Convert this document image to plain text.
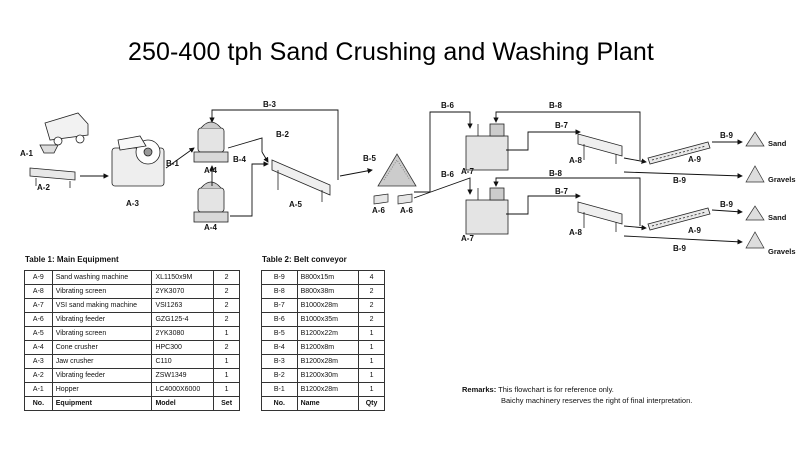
250-400 tph Sand Crushing and Washing Plant
A-1
A-2
A-3
A-4
A-4
A-5
A-6 A-6
A-7
A-7
A-8
A-8
A-9
A-9
B-1
B-2
B-3
B-4	B-5
B-6
B-6
B-7
B-7
B-8
B-8
B-9
B-9
B-9
B-9
Sand
Gravels
Sand
Gravels
Table 1: Main Equipment
A-9	Sand washing machine	XL1150x9M	2
A-8	Vibrating screen	2YK3070	2
A-7	VSI sand making machine	VSI1263	2
A-6	Vibrating feeder	GZG125-4	2
A-5	Vibrating screen	2YK3080	1
A-4	Cone crusher	HPC300	2
A-3	Jaw crusher	C110	1
A-2	Vibrating feeder	ZSW1349	1
A-1	Hopper	LC4000X6000	1
No.	Equipment	Model	Set
Table 2: Belt conveyor
B-9	B800x15m	4
B-8	B800x38m	2
B-7	B1000x28m	2
B-6	B1000x35m	2
B-5	B1200x22m	1
B-4	B1200x8m	1
B-3	B1200x28m	1
B-2	B1200x30m	1
B-1	B1200x28m	1
No.	Name	Qty
Remarks: This flowchart is for reference only.
Baichy machinery reserves the right of final interpretation.
